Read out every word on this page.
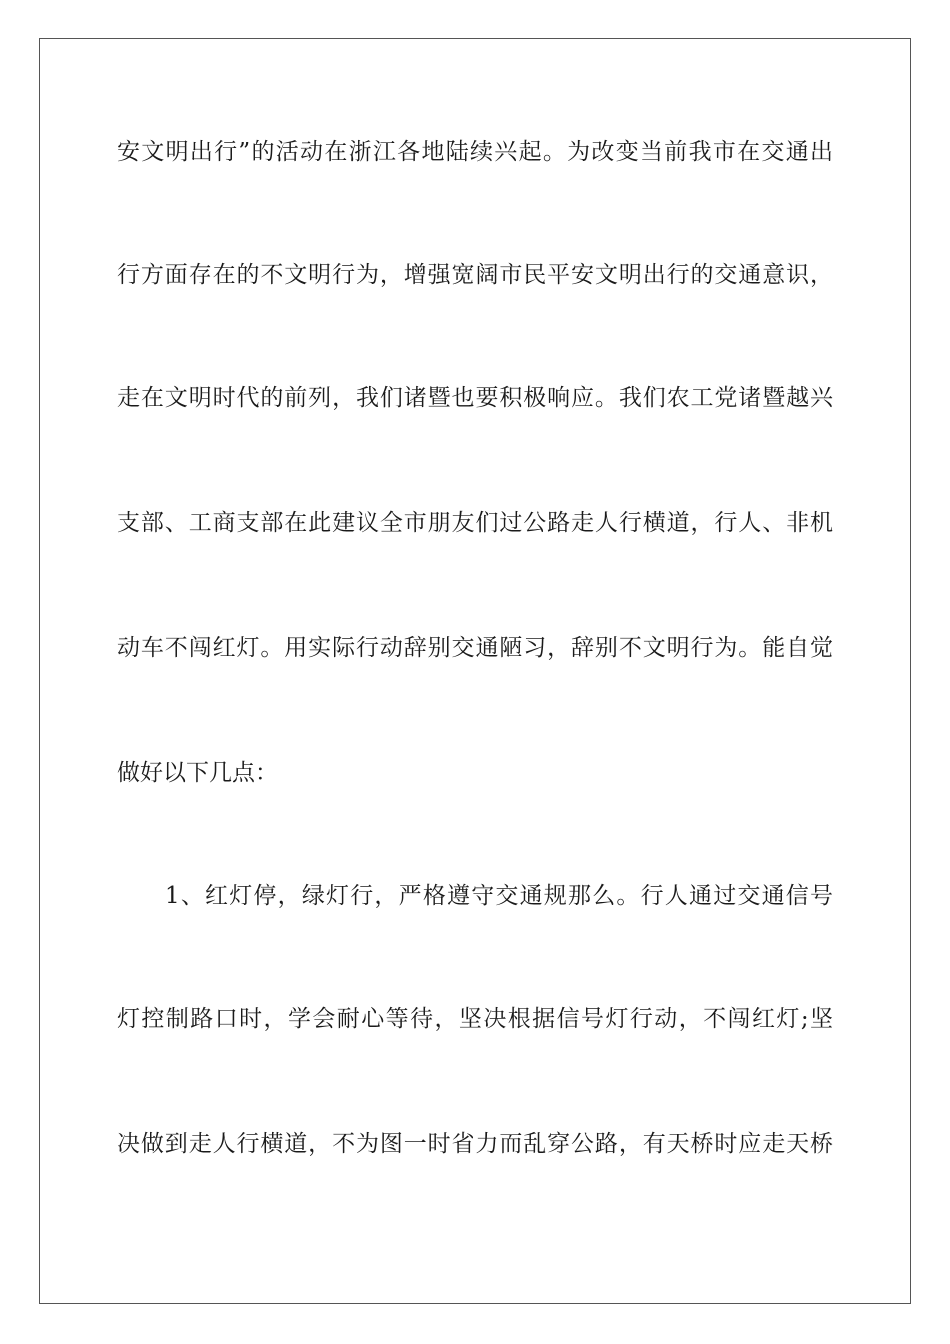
安文明出行”的活动在浙江各地陆续兴起。为改变当前我市在交通出
行方面存在的不文明行为，增强宽阔市民平安文明出行的交通意识，
走在文明时代的前列，我们诸暨也要积极响应。我们农工党诸暨越兴
支部、工商支部在此建议全市朋友们过公路走人行横道，行人、非机
动车不闯红灯。用实际行动辞别交通陋习，辞别不文明行为。能自觉
做好以下几点：
1、红灯停，绿灯行，严格遵守交通规那么。行人通过交通信号
灯控制路口时，学会耐心等待，坚决根据信号灯行动，不闯红灯;坚
决做到走人行横道，不为图一时省力而乱穿公路，有天桥时应走天桥
